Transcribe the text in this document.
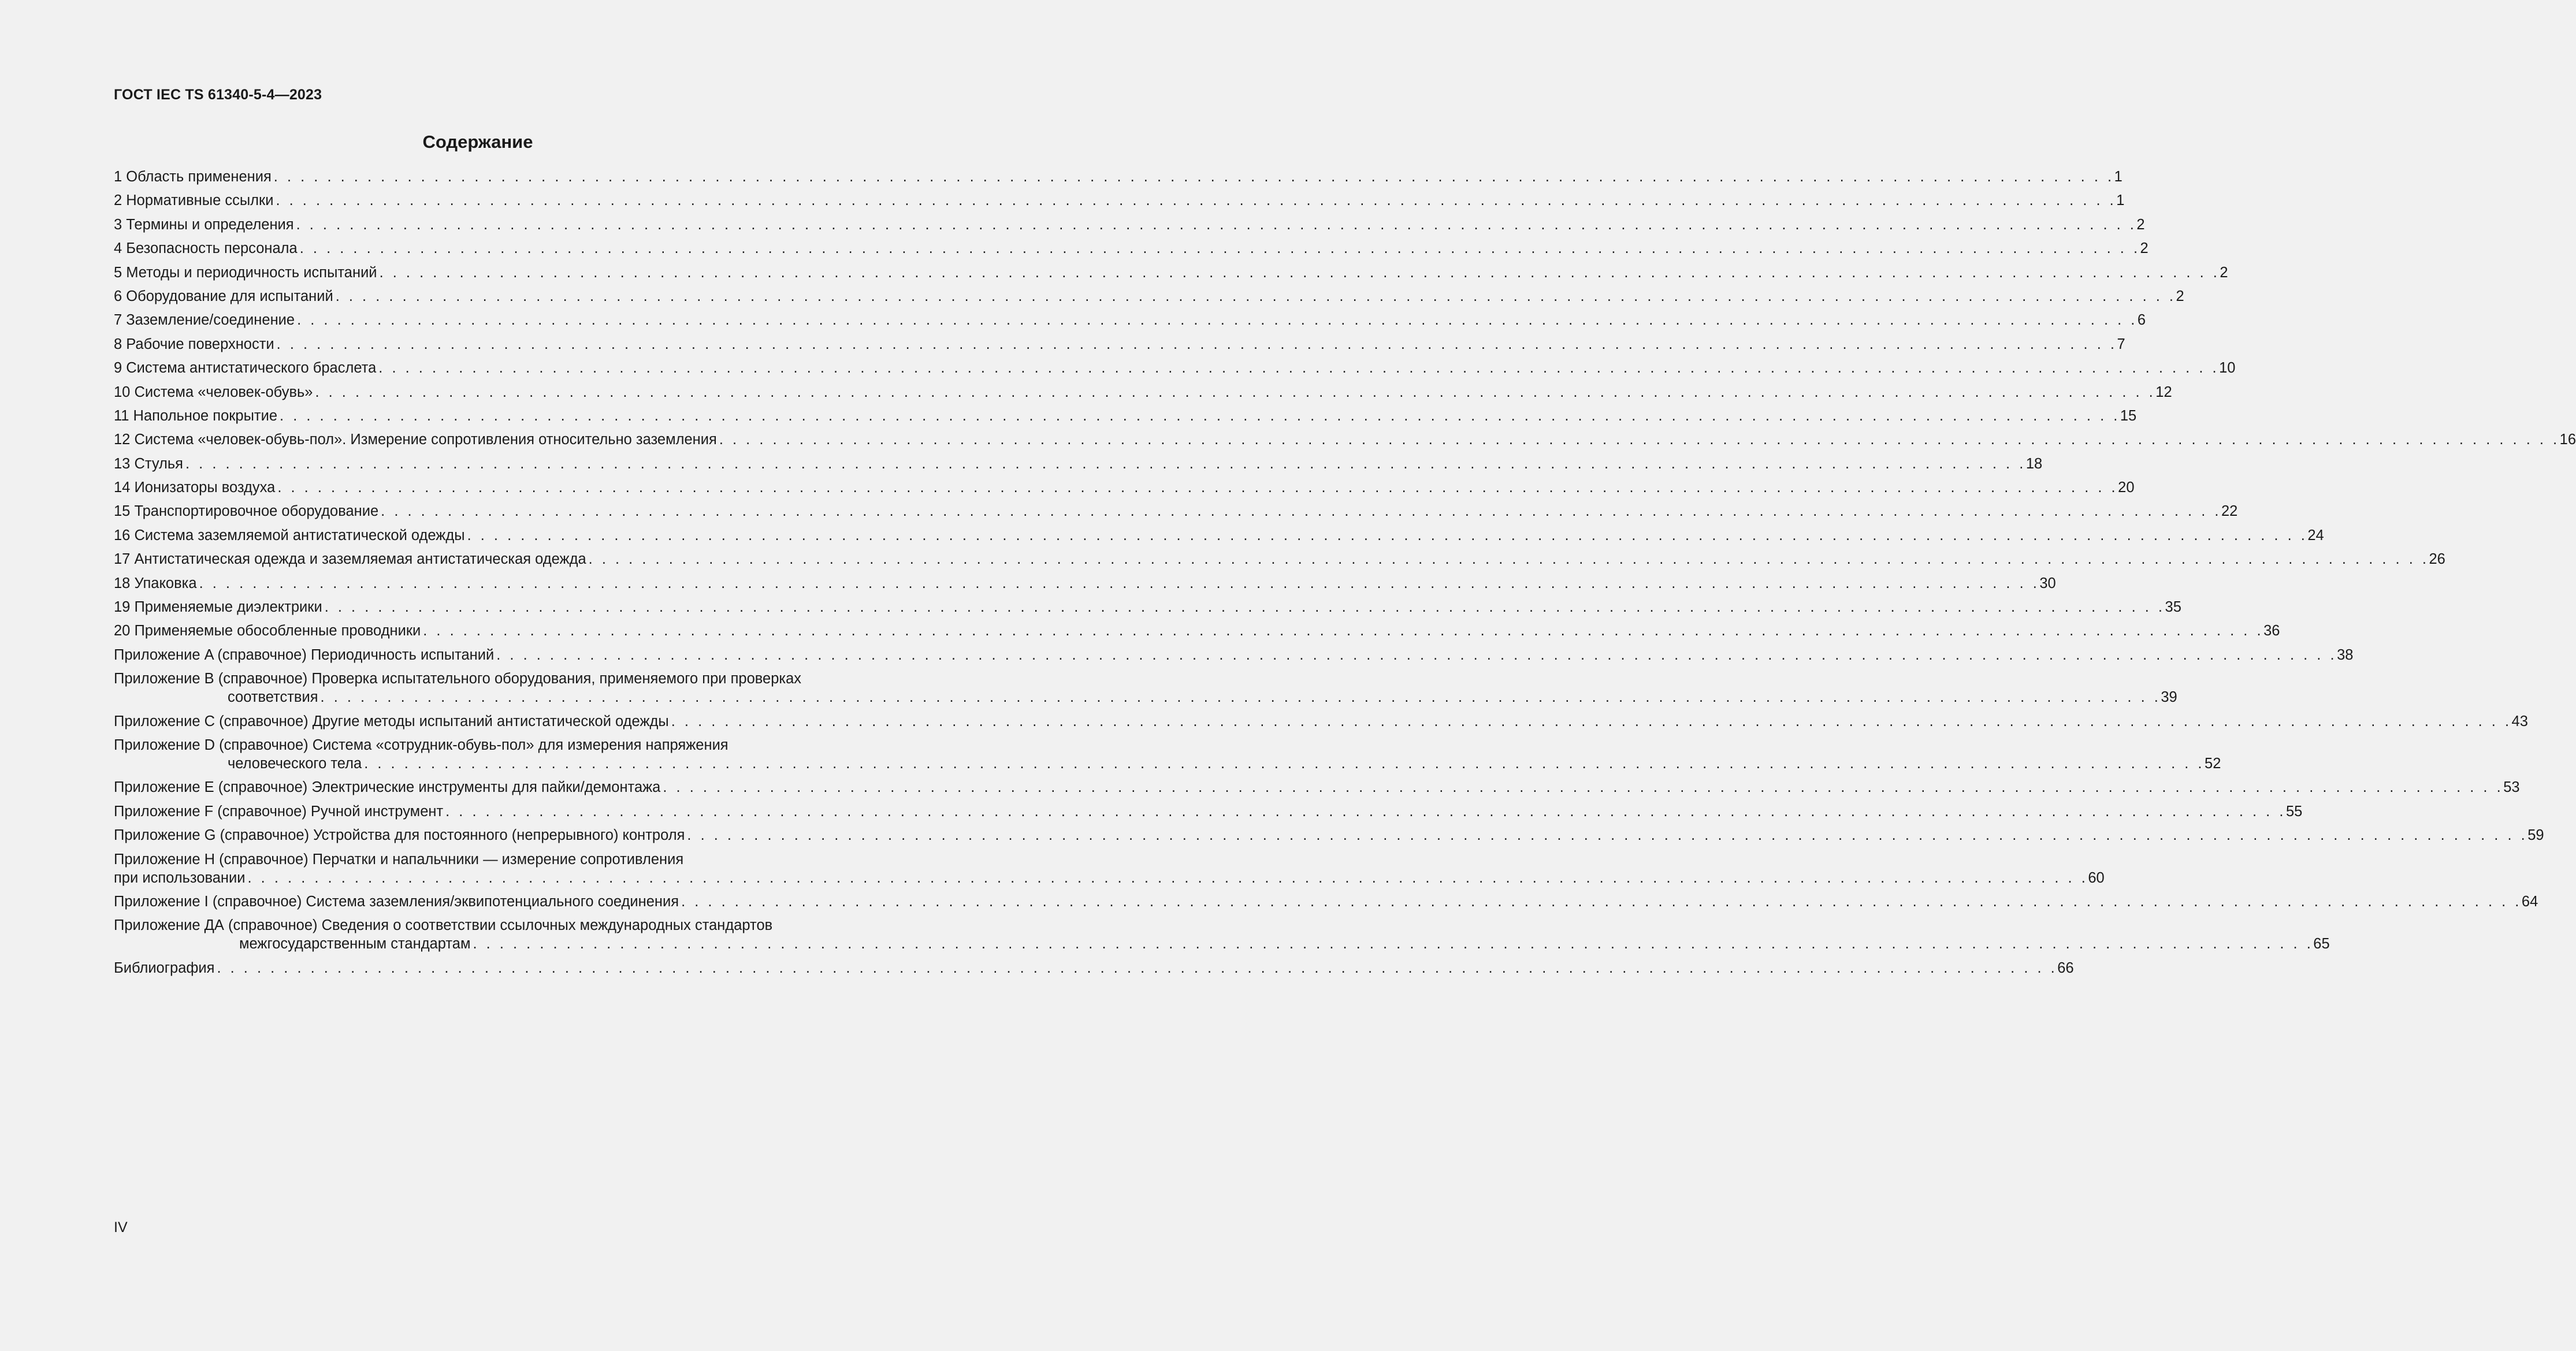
ГОСТ IEC TS 61340-5-4—2023
Содержание
1 Область применения . . . . . . . . . . . . . . . . . . . . . . . . . . . . . . . . . . . . . . . . . . . . . . . . . . . . . . . . . . . . . . . . . . . . . . . . . . . . . . . . . . . . . . . . . . . . . . . . . . . . . . . . . . . . . . . . . . . . . . . . . . . . . . . . . . . . . . . . . . 1
2 Нормативные ссылки . . . . . . . . . . . . . . . . . . . . . . . . . . . . . . . . . . . . . . . . . . . . . . . . . . . . . . . . . . . . . . . . . . . . . . . . . . . . . . . . . . . . . . . . . . . . . . . . . . . . . . . . . . . . . . . . . . . . . . . . . . . . . . . . . . . . . . . . . . 1
3 Термины и определения . . . . . . . . . . . . . . . . . . . . . . . . . . . . . . . . . . . . . . . . . . . . . . . . . . . . . . . . . . . . . . . . . . . . . . . . . . . . . . . . . . . . . . . . . . . . . . . . . . . . . . . . . . . . . . . . . . . . . . . . . . . . . . . . . . . . . . . . . . 2
4 Безопасность персонала . . . . . . . . . . . . . . . . . . . . . . . . . . . . . . . . . . . . . . . . . . . . . . . . . . . . . . . . . . . . . . . . . . . . . . . . . . . . . . . . . . . . . . . . . . . . . . . . . . . . . . . . . . . . . . . . . . . . . . . . . . . . . . . . . . . . . . . . . . 2
5 Методы и периодичность испытаний . . . . . . . . . . . . . . . . . . . . . . . . . . . . . . . . . . . . . . . . . . . . . . . . . . . . . . . . . . . . . . . . . . . . . . . . . . . . . . . . . . . . . . . . . . . . . . . . . . . . . . . . . . . . . . . . . . . . . . . . . . . . . . . . . . . . . . . . . . 2
6 Оборудование для испытаний . . . . . . . . . . . . . . . . . . . . . . . . . . . . . . . . . . . . . . . . . . . . . . . . . . . . . . . . . . . . . . . . . . . . . . . . . . . . . . . . . . . . . . . . . . . . . . . . . . . . . . . . . . . . . . . . . . . . . . . . . . . . . . . . . . . . . . . . . . 2
7 Заземление/соединение . . . . . . . . . . . . . . . . . . . . . . . . . . . . . . . . . . . . . . . . . . . . . . . . . . . . . . . . . . . . . . . . . . . . . . . . . . . . . . . . . . . . . . . . . . . . . . . . . . . . . . . . . . . . . . . . . . . . . . . . . . . . . . . . . . . . . . . . . . 6
8 Рабочие поверхности . . . . . . . . . . . . . . . . . . . . . . . . . . . . . . . . . . . . . . . . . . . . . . . . . . . . . . . . . . . . . . . . . . . . . . . . . . . . . . . . . . . . . . . . . . . . . . . . . . . . . . . . . . . . . . . . . . . . . . . . . . . . . . . . . . . . . . . . . . 7
9 Система антистатического браслета . . . . . . . . . . . . . . . . . . . . . . . . . . . . . . . . . . . . . . . . . . . . . . . . . . . . . . . . . . . . . . . . . . . . . . . . . . . . . . . . . . . . . . . . . . . . . . . . . . . . . . . . . . . . . . . . . . . . . . . . . . . . . . . . . . . . . . . . . . 10
10 Система «человек-обувь» . . . . . . . . . . . . . . . . . . . . . . . . . . . . . . . . . . . . . . . . . . . . . . . . . . . . . . . . . . . . . . . . . . . . . . . . . . . . . . . . . . . . . . . . . . . . . . . . . . . . . . . . . . . . . . . . . . . . . . . . . . . . . . . . . . . . . . . . . . 12
11 Напольное покрытие . . . . . . . . . . . . . . . . . . . . . . . . . . . . . . . . . . . . . . . . . . . . . . . . . . . . . . . . . . . . . . . . . . . . . . . . . . . . . . . . . . . . . . . . . . . . . . . . . . . . . . . . . . . . . . . . . . . . . . . . . . . . . . . . . . . . . . . . . . 15
12 Система «человек-обувь-пол». Измерение сопротивления относительно заземления . . . . . . . . . . . . . . . . . . . . . . . . . . . . . . . . . . . . . . . . . . . . . . . . . . . . . . . . . . . . . . . . . . . . . . . . . . . . . . . . . . . . . . . . . . . . . . . . . . . . . . . . . . . . . . . . . . . . . . . . . . . . . . . . . . . . . . . . . . 16
13 Стулья . . . . . . . . . . . . . . . . . . . . . . . . . . . . . . . . . . . . . . . . . . . . . . . . . . . . . . . . . . . . . . . . . . . . . . . . . . . . . . . . . . . . . . . . . . . . . . . . . . . . . . . . . . . . . . . . . . . . . . . . . . . . . . . . . . . . . . . . . . 18
14 Ионизаторы воздуха . . . . . . . . . . . . . . . . . . . . . . . . . . . . . . . . . . . . . . . . . . . . . . . . . . . . . . . . . . . . . . . . . . . . . . . . . . . . . . . . . . . . . . . . . . . . . . . . . . . . . . . . . . . . . . . . . . . . . . . . . . . . . . . . . . . . . . . . . . 20
15 Транспортировочное оборудование . . . . . . . . . . . . . . . . . . . . . . . . . . . . . . . . . . . . . . . . . . . . . . . . . . . . . . . . . . . . . . . . . . . . . . . . . . . . . . . . . . . . . . . . . . . . . . . . . . . . . . . . . . . . . . . . . . . . . . . . . . . . . . . . . . . . . . . . . . 22
16 Система заземляемой антистатической одежды . . . . . . . . . . . . . . . . . . . . . . . . . . . . . . . . . . . . . . . . . . . . . . . . . . . . . . . . . . . . . . . . . . . . . . . . . . . . . . . . . . . . . . . . . . . . . . . . . . . . . . . . . . . . . . . . . . . . . . . . . . . . . . . . . . . . . . . . . . 24
17 Антистатическая одежда и заземляемая антистатическая одежда . . . . . . . . . . . . . . . . . . . . . . . . . . . . . . . . . . . . . . . . . . . . . . . . . . . . . . . . . . . . . . . . . . . . . . . . . . . . . . . . . . . . . . . . . . . . . . . . . . . . . . . . . . . . . . . . . . . . . . . . . . . . . . . . . . . . . . . . . . 26
18 Упаковка . . . . . . . . . . . . . . . . . . . . . . . . . . . . . . . . . . . . . . . . . . . . . . . . . . . . . . . . . . . . . . . . . . . . . . . . . . . . . . . . . . . . . . . . . . . . . . . . . . . . . . . . . . . . . . . . . . . . . . . . . . . . . . . . . . . . . . . . . . 30
19 Применяемые диэлектрики . . . . . . . . . . . . . . . . . . . . . . . . . . . . . . . . . . . . . . . . . . . . . . . . . . . . . . . . . . . . . . . . . . . . . . . . . . . . . . . . . . . . . . . . . . . . . . . . . . . . . . . . . . . . . . . . . . . . . . . . . . . . . . . . . . . . . . . . . . 35
20 Применяемые обособленные проводники . . . . . . . . . . . . . . . . . . . . . . . . . . . . . . . . . . . . . . . . . . . . . . . . . . . . . . . . . . . . . . . . . . . . . . . . . . . . . . . . . . . . . . . . . . . . . . . . . . . . . . . . . . . . . . . . . . . . . . . . . . . . . . . . . . . . . . . . . . 36
Приложение A (справочное) Периодичность испытаний . . . . . . . . . . . . . . . . . . . . . . . . . . . . . . . . . . . . . . . . . . . . . . . . . . . . . . . . . . . . . . . . . . . . . . . . . . . . . . . . . . . . . . . . . . . . . . . . . . . . . . . . . . . . . . . . . . . . . . . . . . . . . . . . . . . . . . . . . . 38
Приложение B (справочное) Проверка испытательного оборудования, применяемого при проверках
соответствия . . . . . . . . . . . . . . . . . . . . . . . . . . . . . . . . . . . . . . . . . . . . . . . . . . . . . . . . . . . . . . . . . . . . . . . . . . . . . . . . . . . . . . . . . . . . . . . . . . . . . . . . . . . . . . . . . . . . . . . . . . . . . . . . . . . . . . . . . . 39
Приложение C (справочное) Другие методы испытаний антистатической одежды . . . . . . . . . . . . . . . . . . . . . . . . . . . . . . . . . . . . . . . . . . . . . . . . . . . . . . . . . . . . . . . . . . . . . . . . . . . . . . . . . . . . . . . . . . . . . . . . . . . . . . . . . . . . . . . . . . . . . . . . . . . . . . . . . . . . . . . . . . 43
Приложение D (справочное) Система «сотрудник-обувь-пол» для измерения напряжения
человеческого тела . . . . . . . . . . . . . . . . . . . . . . . . . . . . . . . . . . . . . . . . . . . . . . . . . . . . . . . . . . . . . . . . . . . . . . . . . . . . . . . . . . . . . . . . . . . . . . . . . . . . . . . . . . . . . . . . . . . . . . . . . . . . . . . . . . . . . . . . . . 52
Приложение E (справочное) Электрические инструменты для пайки/демонтажа . . . . . . . . . . . . . . . . . . . . . . . . . . . . . . . . . . . . . . . . . . . . . . . . . . . . . . . . . . . . . . . . . . . . . . . . . . . . . . . . . . . . . . . . . . . . . . . . . . . . . . . . . . . . . . . . . . . . . . . . . . . . . . . . . . . . . . . . . . 53
Приложение F (справочное) Ручной инструмент . . . . . . . . . . . . . . . . . . . . . . . . . . . . . . . . . . . . . . . . . . . . . . . . . . . . . . . . . . . . . . . . . . . . . . . . . . . . . . . . . . . . . . . . . . . . . . . . . . . . . . . . . . . . . . . . . . . . . . . . . . . . . . . . . . . . . . . . . . 55
Приложение G (справочное) Устройства для постоянного (непрерывного) контроля . . . . . . . . . . . . . . . . . . . . . . . . . . . . . . . . . . . . . . . . . . . . . . . . . . . . . . . . . . . . . . . . . . . . . . . . . . . . . . . . . . . . . . . . . . . . . . . . . . . . . . . . . . . . . . . . . . . . . . . . . . . . . . . . . . . . . . . . . . 59
Приложение H (справочное) Перчатки и напальчники — измерение сопротивления
при использовании . . . . . . . . . . . . . . . . . . . . . . . . . . . . . . . . . . . . . . . . . . . . . . . . . . . . . . . . . . . . . . . . . . . . . . . . . . . . . . . . . . . . . . . . . . . . . . . . . . . . . . . . . . . . . . . . . . . . . . . . . . . . . . . . . . . . . . . . . . 60
Приложение I (справочное) Система заземления/эквипотенциального соединения . . . . . . . . . . . . . . . . . . . . . . . . . . . . . . . . . . . . . . . . . . . . . . . . . . . . . . . . . . . . . . . . . . . . . . . . . . . . . . . . . . . . . . . . . . . . . . . . . . . . . . . . . . . . . . . . . . . . . . . . . . . . . . . . . . . . . . . . . . 64
Приложение ДА (справочное) Сведения о соответствии ссылочных международных стандартов
межгосударственным стандартам . . . . . . . . . . . . . . . . . . . . . . . . . . . . . . . . . . . . . . . . . . . . . . . . . . . . . . . . . . . . . . . . . . . . . . . . . . . . . . . . . . . . . . . . . . . . . . . . . . . . . . . . . . . . . . . . . . . . . . . . . . . . . . . . . . . . . . . . . . 65
Библиография . . . . . . . . . . . . . . . . . . . . . . . . . . . . . . . . . . . . . . . . . . . . . . . . . . . . . . . . . . . . . . . . . . . . . . . . . . . . . . . . . . . . . . . . . . . . . . . . . . . . . . . . . . . . . . . . . . . . . . . . . . . . . . . . . . . . . . . . . . 66
IV
